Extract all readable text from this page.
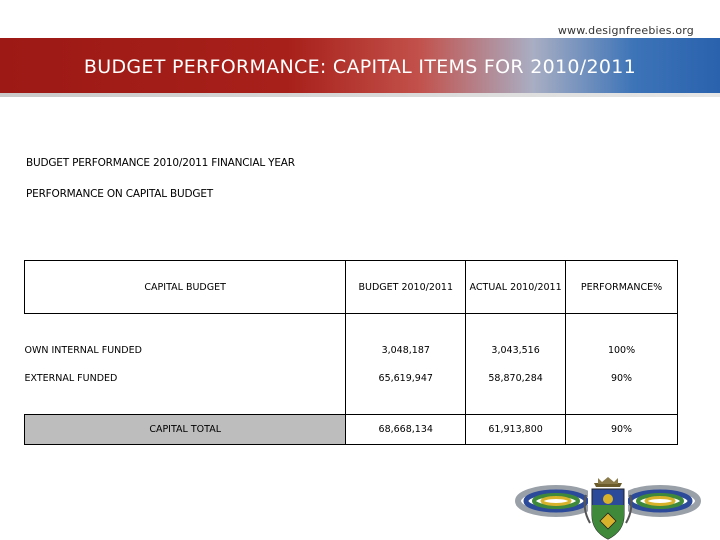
www.designfreebies.org
BUDGET PERFORMANCE: CAPITAL ITEMS FOR 2010/2011
BUDGET PERFORMANCE 2010/2011 FINANCIAL YEAR
PERFORMANCE ON CAPITAL BUDGET
CAPITAL BUDGET	BUDGET 2010/2011	ACTUAL 2010/2011	PERFORMANCE%

OWN INTERNAL FUNDED	3,048,187	3,043,516	100%
EXTERNAL FUNDED	65,619,947	58,870,284	90%

CAPITAL TOTAL	68,668,134	61,913,800	90%
